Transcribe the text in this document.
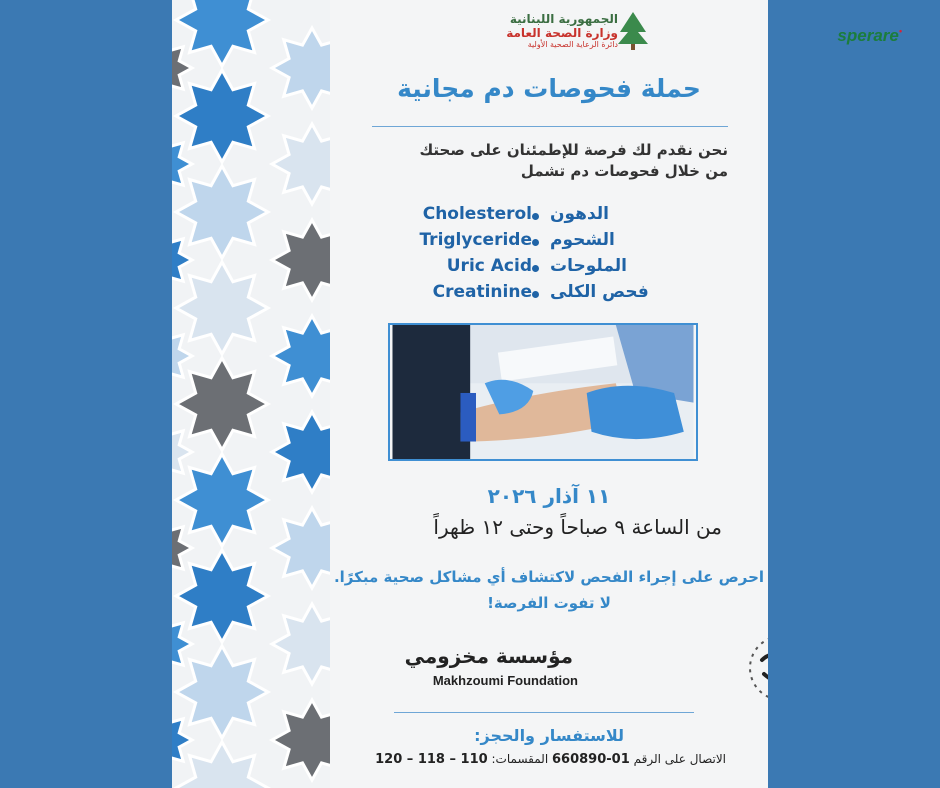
sperare•
الجمهورية اللبنانية
وزارة الصحة العامة
دائرة الرعاية الصحية الأولية
حملة فحوصات دم مجانية
نحن نقدم لك فرصة للإطمئنان على صحتك
من خلال فحوصات دم تشمل
Cholesterol الدهون
Triglyceride الشحوم
Uric Acid الملوحات
Creatinine فحص الكلى
١١ آذار ٢٠٢٦
من الساعة ٩ صباحاً وحتى ١٢ ظهراً
احرص على إجراء الفحص لاكتشاف أي مشاكل صحية مبكرًا.
لا تفوت الفرصة!
مؤسسة مخزومي
Makhzoumi Foundation
للاستفسار والحجز:
الاتصال على الرقم 01-660890 المقسمات: 110 – 118 – 120
